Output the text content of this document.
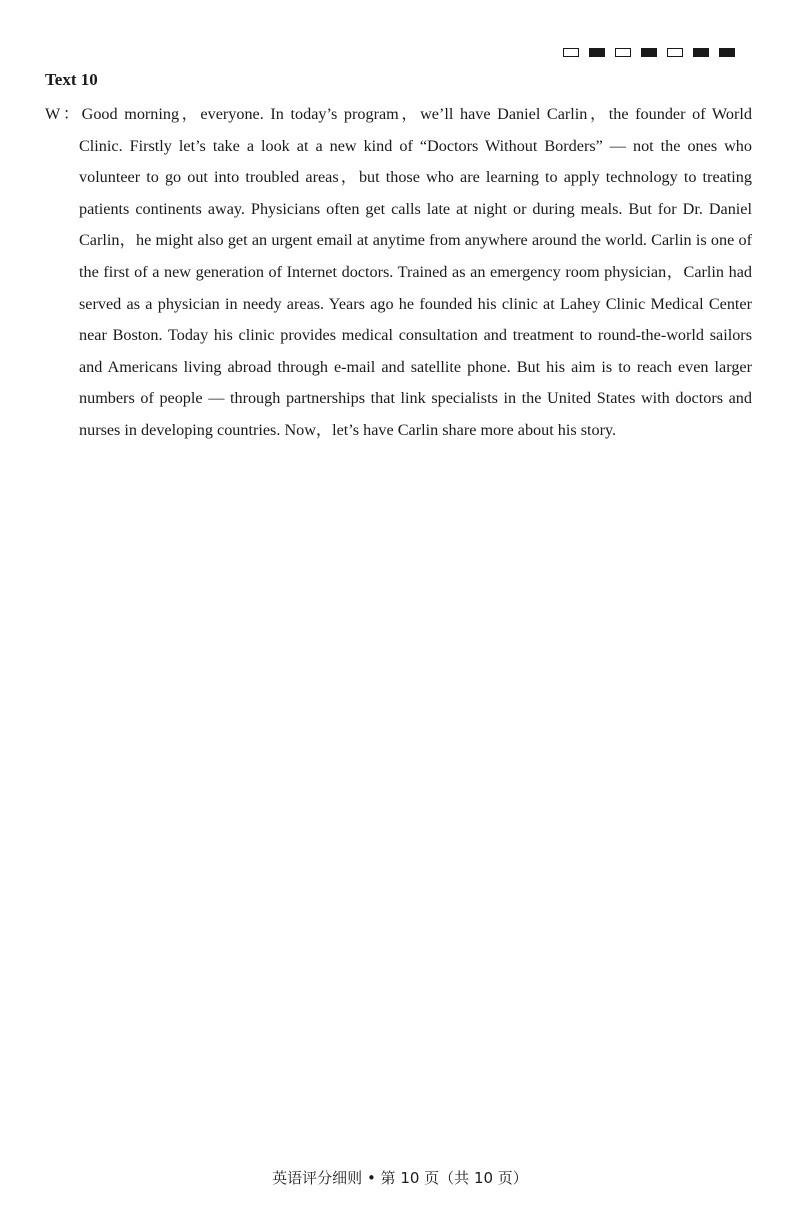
Text 10

W：Good morning，everyone. In today’s program，we’ll have Daniel Carlin，the founder of World Clinic. Firstly let’s take a look at a new kind of “Doctors Without Borders” — not the ones who volunteer to go out into troubled areas，but those who are learning to apply technology to treating patients continents away. Physicians often get calls late at night or during meals. But for Dr. Daniel Carlin，he might also get an urgent email at anytime from anywhere around the world. Carlin is one of the first of a new generation of Internet doctors. Trained as an emergency room physician，Carlin had served as a physician in needy areas. Years ago he founded his clinic at Lahey Clinic Medical Center near Boston. Today his clinic provides medical consultation and treatment to round-the-world sailors and Americans living abroad through e-mail and satellite phone. But his aim is to reach even larger numbers of people — through partnerships that link specialists in the United States with doctors and nurses in developing countries. Now，let’s have Carlin share more about his story.

英语评分细则 • 第 10 页（共 10 页）
